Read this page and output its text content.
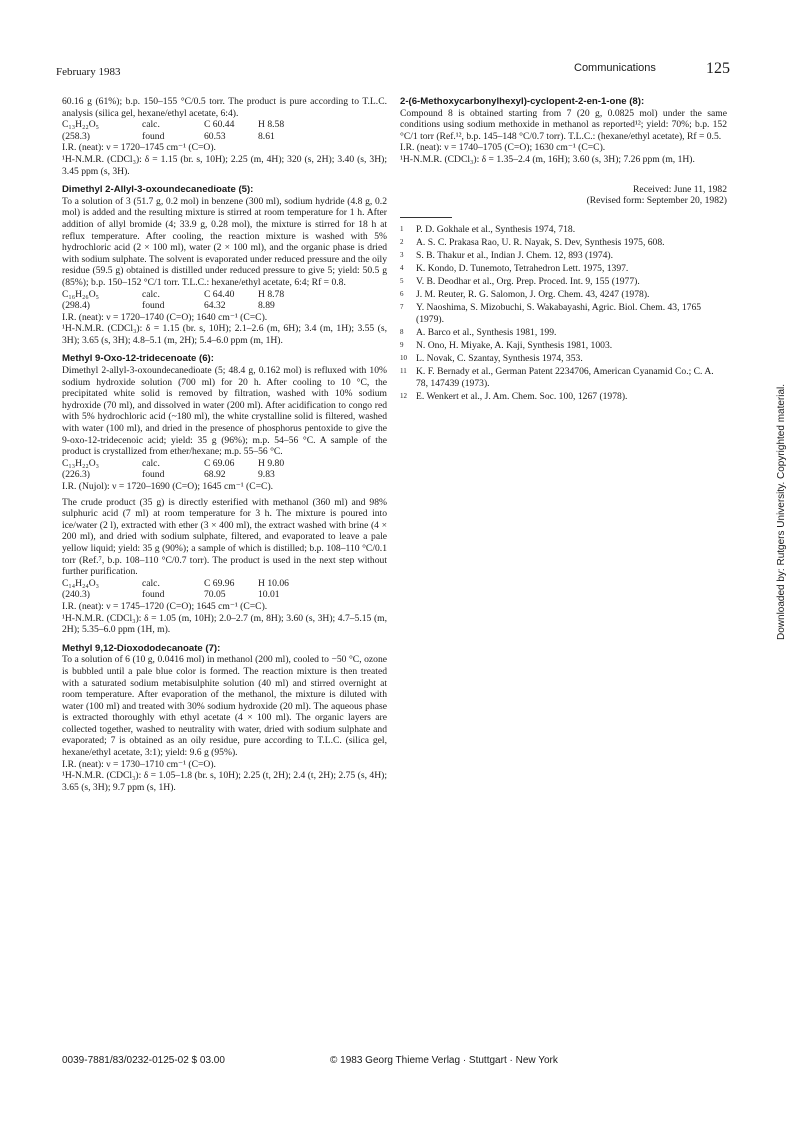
February 1983	Communications	125

60.16 g (61%); b.p. 150–155 °C/0.5 torr. The product is pure according to T.L.C. analysis (silica gel, hexane/ethyl acetate, 6:4).

C₁₃H₂₂O₅	calc.	C 60.44	H 8.58
(258.3)	found	60.53	8.61

I.R. (neat): ν = 1720–1745 cm⁻¹ (C=O).

¹H-N.M.R. (CDCl₃): δ = 1.15 (br. s, 10H); 2.25 (m, 4H); 320 (s, 2H); 3.40 (s, 3H); 3.45 ppm (s, 3H).

Dimethyl 2-Allyl-3-oxoundecanedioate (5):

To a solution of 3 (51.7 g, 0.2 mol) in benzene (300 ml), sodium hydride (4.8 g, 0.2 mol) is added and the resulting mixture is stirred at room temperature for 1 h. After addition of allyl bromide (4; 33.9 g, 0.28 mol), the mixture is stirred for 18 h at reflux temperature. After cooling, the reaction mixture is washed with 5% hydrochloric acid (2 × 100 ml), water (2 × 100 ml), and the organic phase is dried with sodium sulphate. The solvent is evaporated under reduced pressure and the oily residue (59.5 g) obtained is distilled under reduced pressure to give 5; yield: 50.5 g (85%); b.p. 150–152 °C/1 torr. T.L.C.: hexane/ethyl acetate, 6:4; Rf = 0.8.

C₁₆H₂₆O₅	calc.	C 64.40	H 8.78
(298.4)	found	64.32	8.89

I.R. (neat): ν = 1720–1740 (C=O); 1640 cm⁻¹ (C=C).

¹H-N.M.R. (CDCl₃): δ = 1.15 (br. s, 10H); 2.1–2.6 (m, 6H); 3.4 (m, 1H); 3.55 (s, 3H); 3.65 (s, 3H); 4.8–5.1 (m, 2H); 5.4–6.0 ppm (m, 1H).

Methyl 9-Oxo-12-tridecenoate (6):

Dimethyl 2-allyl-3-oxoundecanedioate (5; 48.4 g, 0.162 mol) is refluxed with 10% sodium hydroxide solution (700 ml) for 20 h. After cooling to 10 °C, the precipitated white solid is removed by filtration, washed with 10% sodium hydroxide (70 ml), and dissolved in water (200 ml). After acidification to congo red with 5% hydrochloric acid (~180 ml), the white crystalline solid is filtered, washed with water (100 ml), and dried in the presence of phosphorus pentoxide to give the 9-oxo-12-tridecenoic acid; yield: 35 g (96%); m.p. 54–56 °C. A sample of the product is crystallized from ether/hexane; m.p. 55–56 °C.

C₁₃H₂₂O₃	calc.	C 69.06	H 9.80
(226.3)	found	68.92	9.83

I.R. (Nujol): ν = 1720–1690 (C=O); 1645 cm⁻¹ (C=C).

The crude product (35 g) is directly esterified with methanol (360 ml) and 98% sulphuric acid (7 ml) at room temperature for 3 h. The mixture is poured into ice/water (2 l), extracted with ether (3 × 400 ml), the extract washed with brine (4 × 200 ml), and dried with sodium sulphate, filtered, and evaporated to leave a pale yellow liquid; yield: 35 g (90%); a sample of which is distilled; b.p. 108–110 °C/0.1 torr (Ref.⁷, b.p. 108–110 °C/0.7 torr). The product is used in the next step without further purification.

C₁₄H₂₄O₃	calc.	C 69.96	H 10.06
(240.3)	found	70.05	10.01

I.R. (neat): ν = 1745–1720 (C=O); 1645 cm⁻¹ (C=C).

¹H-N.M.R. (CDCl₃): δ = 1.05 (m, 10H); 2.0–2.7 (m, 8H); 3.60 (s, 3H); 4.7–5.15 (m, 2H); 5.35–6.0 ppm (1H, m).

Methyl 9,12-Dioxododecanoate (7):

To a solution of 6 (10 g, 0.0416 mol) in methanol (200 ml), cooled to −50 °C, ozone is bubbled until a pale blue color is formed. The reaction mixture is then treated with a saturated sodium metabisulphite solution (40 ml) and stirred overnight at room temperature. After evaporation of the methanol, the mixture is diluted with water (100 ml) and treated with 30% sodium hydroxide (20 ml). The aqueous phase is extracted thoroughly with ethyl acetate (4 × 100 ml). The organic layers are collected together, washed to neutrality with water, dried with sodium sulphate and evaporated; 7 is obtained as an oily residue, pure according to T.L.C. (silica gel, hexane/ethyl acetate, 3:1); yield: 9.6 g (95%).

I.R. (neat): ν = 1730–1710 cm⁻¹ (C=O).

¹H-N.M.R. (CDCl₃): δ = 1.05–1.8 (br. s, 10H); 2.25 (t, 2H); 2.4 (t, 2H); 2.75 (s, 4H); 3.65 (s, 3H); 9.7 ppm (s, 1H).

2-(6-Methoxycarbonylhexyl)-cyclopent-2-en-1-one (8):

Compound 8 is obtained starting from 7 (20 g, 0.0825 mol) under the same conditions using sodium methoxide in methanol as reported¹²; yield: 70%; b.p. 152 °C/1 torr (Ref.¹², b.p. 145–148 °C/0.7 torr). T.L.C.: (hexane/ethyl acetate), Rf = 0.5.

I.R. (neat): ν = 1740–1705 (C=O); 1630 cm⁻¹ (C=C).

¹H-N.M.R. (CDCl₃): δ = 1.35–2.4 (m, 16H); 3.60 (s, 3H); 7.26 ppm (m, 1H).

Received: June 11, 1982

(Revised form: September 20, 1982)

1	P. D. Gokhale et al., Synthesis 1974, 718.
2	A. S. C. Prakasa Rao, U. R. Nayak, S. Dev, Synthesis 1975, 608.
3	S. B. Thakur et al., Indian J. Chem. 12, 893 (1974).
4	K. Kondo, D. Tunemoto, Tetrahedron Lett. 1975, 1397.
5	V. B. Deodhar et al., Org. Prep. Proced. Int. 9, 155 (1977).
6	J. M. Reuter, R. G. Salomon, J. Org. Chem. 43, 4247 (1978).
7	Y. Naoshima, S. Mizobuchi, S. Wakabayashi, Agric. Biol. Chem. 43, 1765 (1979).
8	A. Barco et al., Synthesis 1981, 199.
9	N. Ono, H. Miyake, A. Kaji, Synthesis 1981, 1003.
10 L. Novak, C. Szantay, Synthesis 1974, 353.
11 K. F. Bernady et al., German Patent 2234706, American Cyanamid Co.; C. A. 78, 147439 (1973).
12 E. Wenkert et al., J. Am. Chem. Soc. 100, 1267 (1978).	Downloaded by: Rutgers University. Copyrighted material.
0039-7881/83/0232-0125-02 $ 03.00	© 1983 Georg Thieme Verlag · Stuttgart · New York
